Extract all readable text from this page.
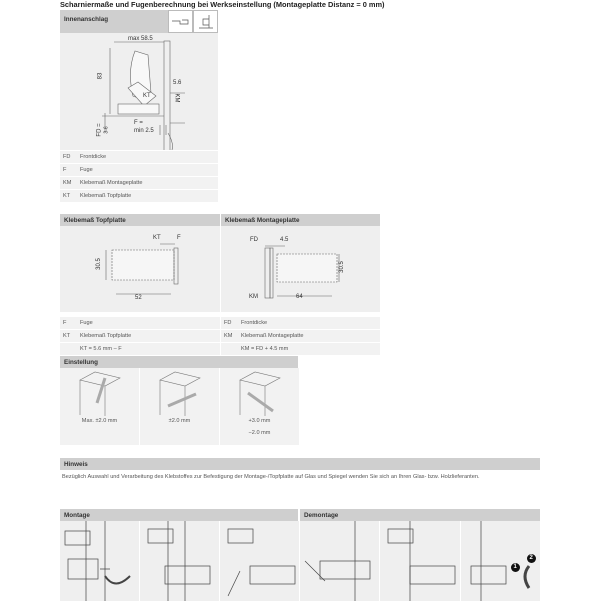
Scharniermaße und Fugenberechnung bei Werkseinstellung (Montageplatte Distanz = 0 mm)
Innenanschlag
max 58.5
83
5.6
KT	KM
F =
min 2.5
FD = 3-6
FD	Frontdicke
F	Fuge
KM	Klebemaß Montageplatte
KT	Klebemaß Topfplatte
Klebemaß Topfplatte
KT	F
30.5
52
F	Fuge
KT	Klebemaß Topfplatte
KT = 5.6 mm – F
Klebemaß Montageplatte
FD	4.5
30.5
KM	64
FD	Frontdicke
KM	Klebemaß Montageplatte
KM = FD + 4.5 mm
Einstellung
Max. ±2.0 mm	±2.0 mm	+3.0 mm
−2.0 mm
Hinweis
Bezüglich Auswahl und Verarbeitung des Klebstoffes zur Befestigung der Montage-/Topfplatte auf Glas und Spiegel wenden Sie sich an Ihren Glas- bzw. Holzlieferanten.
Montage	Demontage
1
2
